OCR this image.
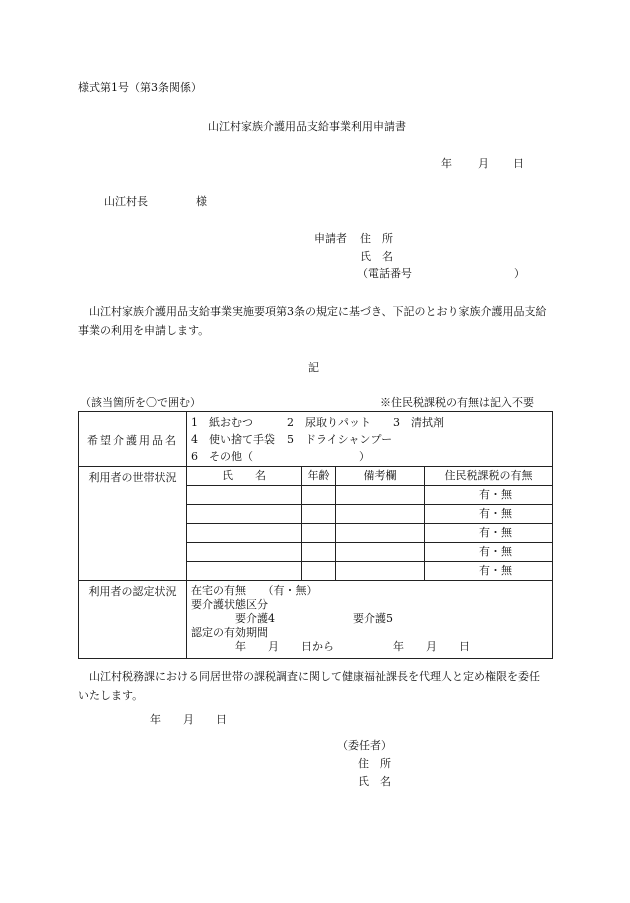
様式第1号（第3条関係）
山江村家族介護用品支給事業利用申請書
年 月 日
山江村長	様
申請者 住　所
氏　名
（電話番号	）
山江村家族介護用品支給事業実施要項第3条の規定に基づき、下記のとおり家族介護用品支給事業の利用を申請します。
記
（該当箇所を〇で囲む）	※住民税課税の有無は記入不要
希望介護用品名	1　紙おむつ 2　尿取りパット 3　清拭剤
4　使い捨て手袋 5　ドライシャンプー
6　その他（ ）			

利用者の世帯状況	氏　　名	年齢	備考欄	住民税課税の有無
				有・無
				有・無
				有・無
				有・無
				有・無
利用者の認定状況	在宅の有無　　（有・無）
要介護状態区分
要介護4 要介護5
認定の有効期間
年　　月　　日から 年　　月　　日			
山江村税務課における同居世帯の課税調査に関して健康福祉課長を代理人と定め権限を委任いたします。
年　　月　　日
（委任者）
住　所
氏　名
